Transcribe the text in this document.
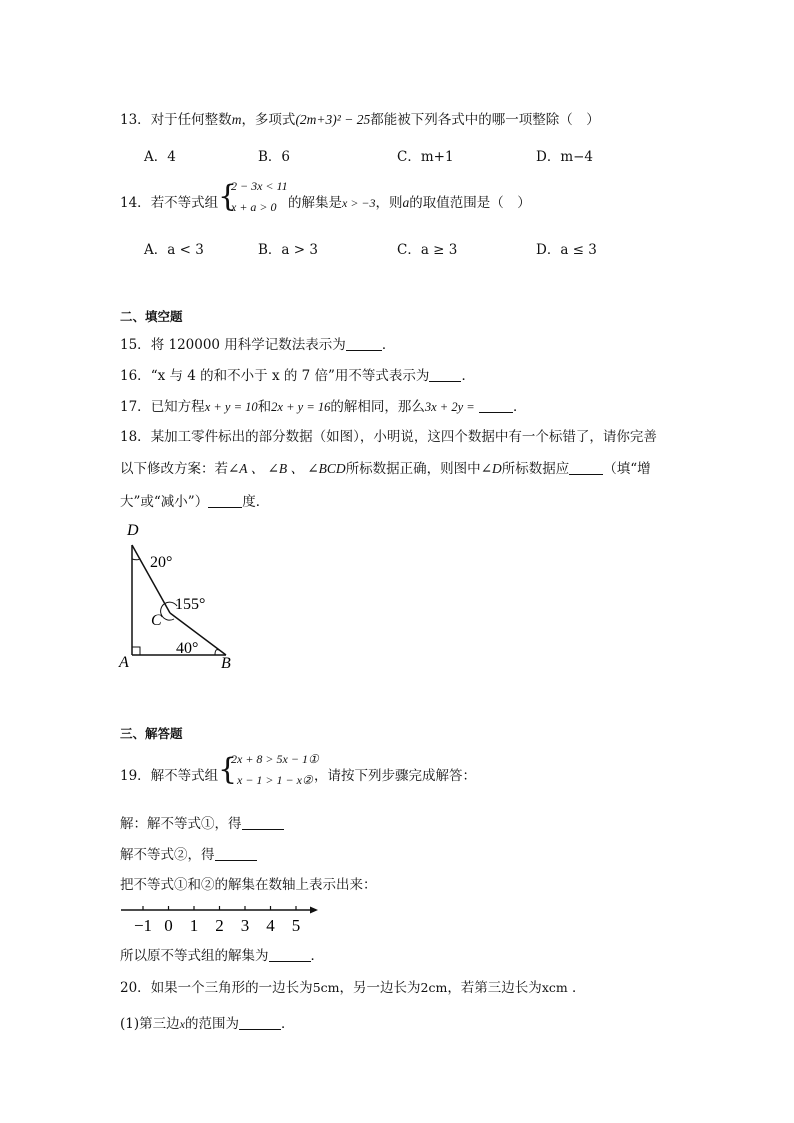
13．对于任何整数m，多项式(2m+3)² − 25都能被下列各式中的哪一项整除（　）
A．4	B．6	C．m+1	D．m−4
14．若不等式组 {
2 − 3x < 11
x + a > 0 的解集是x > −3，则a的取值范围是（　）
A．a < 3	B．a > 3	C．a ≥ 3	D．a ≤ 3
二、填空题
15．将 120000 用科学记数法表示为	．
16．“x 与 4 的和不小于 x 的 7 倍”用不等式表示为 ．
17．已知方程x + y = 10和2x + y = 16的解相同，那么3x + 2y =	．
18．某加工零件标出的部分数据（如图），小明说，这四个数据中有一个标错了，请你完善
以下修改方案：若∠A 、 ∠B 、 ∠BCD所标数据正确，则图中∠D所标数据应	（填“增
大”或“减小”）	度．
D
20°
155°
C
40°
A	B
三、解答题
19．解不等式组 {
2x + 8 > 5x − 1①
x − 1 > 1 − x② ，请按下列步骤完成解答：
解：解不等式①，得
解不等式②，得
把不等式①和②的解集在数轴上表示出来：
−1 0 1 2 3 4 5
所以原不等式组的解集为	．
20．如果一个三角形的一边长为5cm，另一边长为2cm，若第三边长为xcm ．
(1)第三边x的范围为	．
